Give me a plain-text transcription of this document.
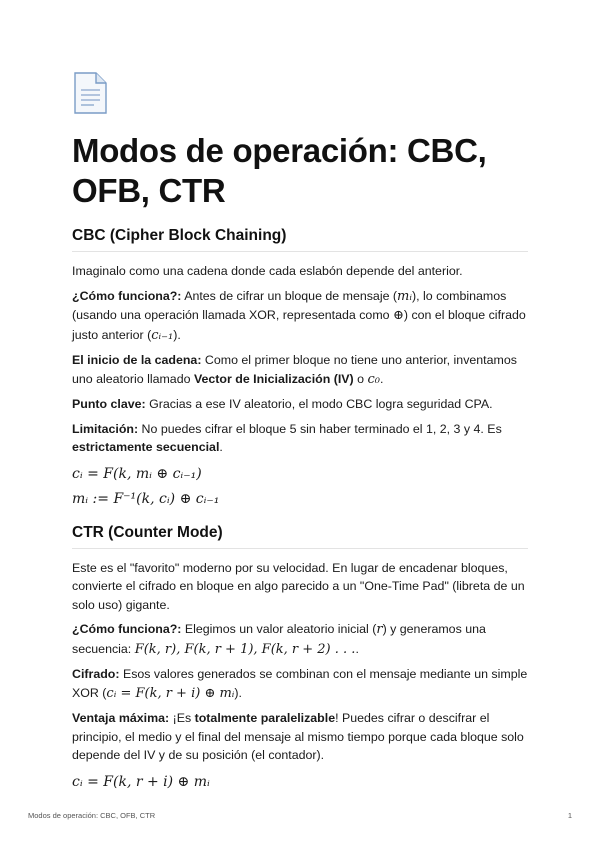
Modos de operación: CBC,
OFB, CTR
CBC (Cipher Block Chaining)

Imaginalo como una cadena donde cada eslabón depende del anterior.

¿Cómo funciona?: Antes de cifrar un bloque de mensaje (mᵢ), lo combinamos (usando una operación llamada XOR, representada como ⊕) con el bloque cifrado justo anterior (cᵢ₋₁).

El inicio de la cadena: Como el primer bloque no tiene uno anterior, inventamos uno aleatorio llamado Vector de Inicialización (IV) o c₀.

Punto clave: Gracias a ese IV aleatorio, el modo CBC logra seguridad CPA.

Limitación: No puedes cifrar el bloque 5 sin haber terminado el 1, 2, 3 y 4. Es estrictamente secuencial.

cᵢ = F(k, mᵢ ⊕ cᵢ₋₁)
mᵢ := F⁻¹(k, cᵢ) ⊕ cᵢ₋₁
CTR (Counter Mode)

Este es el "favorito" moderno por su velocidad. En lugar de encadenar bloques, convierte el cifrado en bloque en algo parecido a un "One-Time Pad" (libreta de un solo uso) gigante.

¿Cómo funciona?: Elegimos un valor aleatorio inicial (r) y generamos una secuencia: F(k, r), F(k, r + 1), F(k, r + 2) . . ..

Cifrado: Esos valores generados se combinan con el mensaje mediante un simple XOR (cᵢ = F(k, r + i) ⊕ mᵢ).

Ventaja máxima: ¡Es totalmente paralelizable! Puedes cifrar o descifrar el principio, el medio y el final del mensaje al mismo tiempo porque cada bloque solo depende del IV y de su posición (el contador).

cᵢ = F(k, r + i) ⊕ mᵢ
Modos de operación: CBC, OFB, CTR	1
